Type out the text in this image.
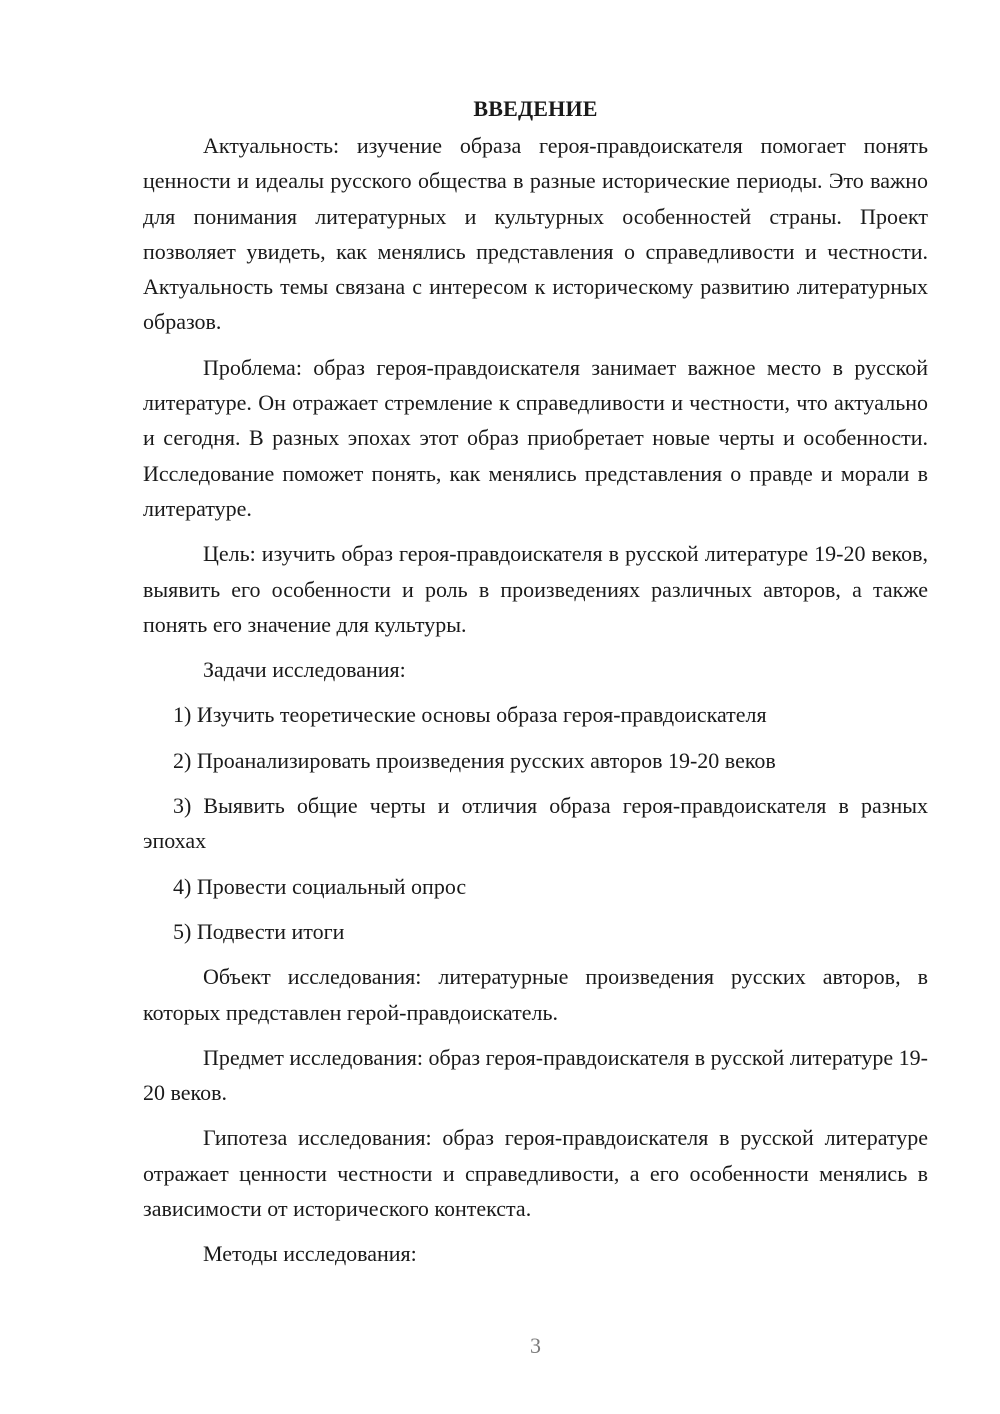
ВВЕДЕНИЕ

Актуальность: изучение образа героя-правдоискателя помогает понять ценности и идеалы русского общества в разные исторические периоды. Это важно для понимания литературных и культурных особенностей страны. Проект позволяет увидеть, как менялись представления о справедливости и честности. Актуальность темы связана с интересом к историческому развитию литературных образов.

Проблема: образ героя-правдоискателя занимает важное место в русской литературе. Он отражает стремление к справедливости и честности, что актуально и сегодня. В разных эпохах этот образ приобретает новые черты и особенности. Исследование поможет понять, как менялись представления о правде и морали в литературе.

Цель: изучить образ героя-правдоискателя в русской литературе 19-20 веков, выявить его особенности и роль в произведениях различных авторов, а также понять его значение для культуры.

Задачи исследования:

1) Изучить теоретические основы образа героя-правдоискателя

2) Проанализировать произведения русских авторов 19-20 веков

3) Выявить общие черты и отличия образа героя-правдоискателя в разных эпохах

4) Провести социальный опрос

5) Подвести итоги

Объект исследования: литературные произведения русских авторов, в которых представлен герой-правдоискатель.

Предмет исследования: образ героя-правдоискателя в русской литературе 19-20 веков.

Гипотеза исследования: образ героя-правдоискателя в русской литературе отражает ценности честности и справедливости, а его особенности менялись в зависимости от исторического контекста.

Методы исследования:

3
